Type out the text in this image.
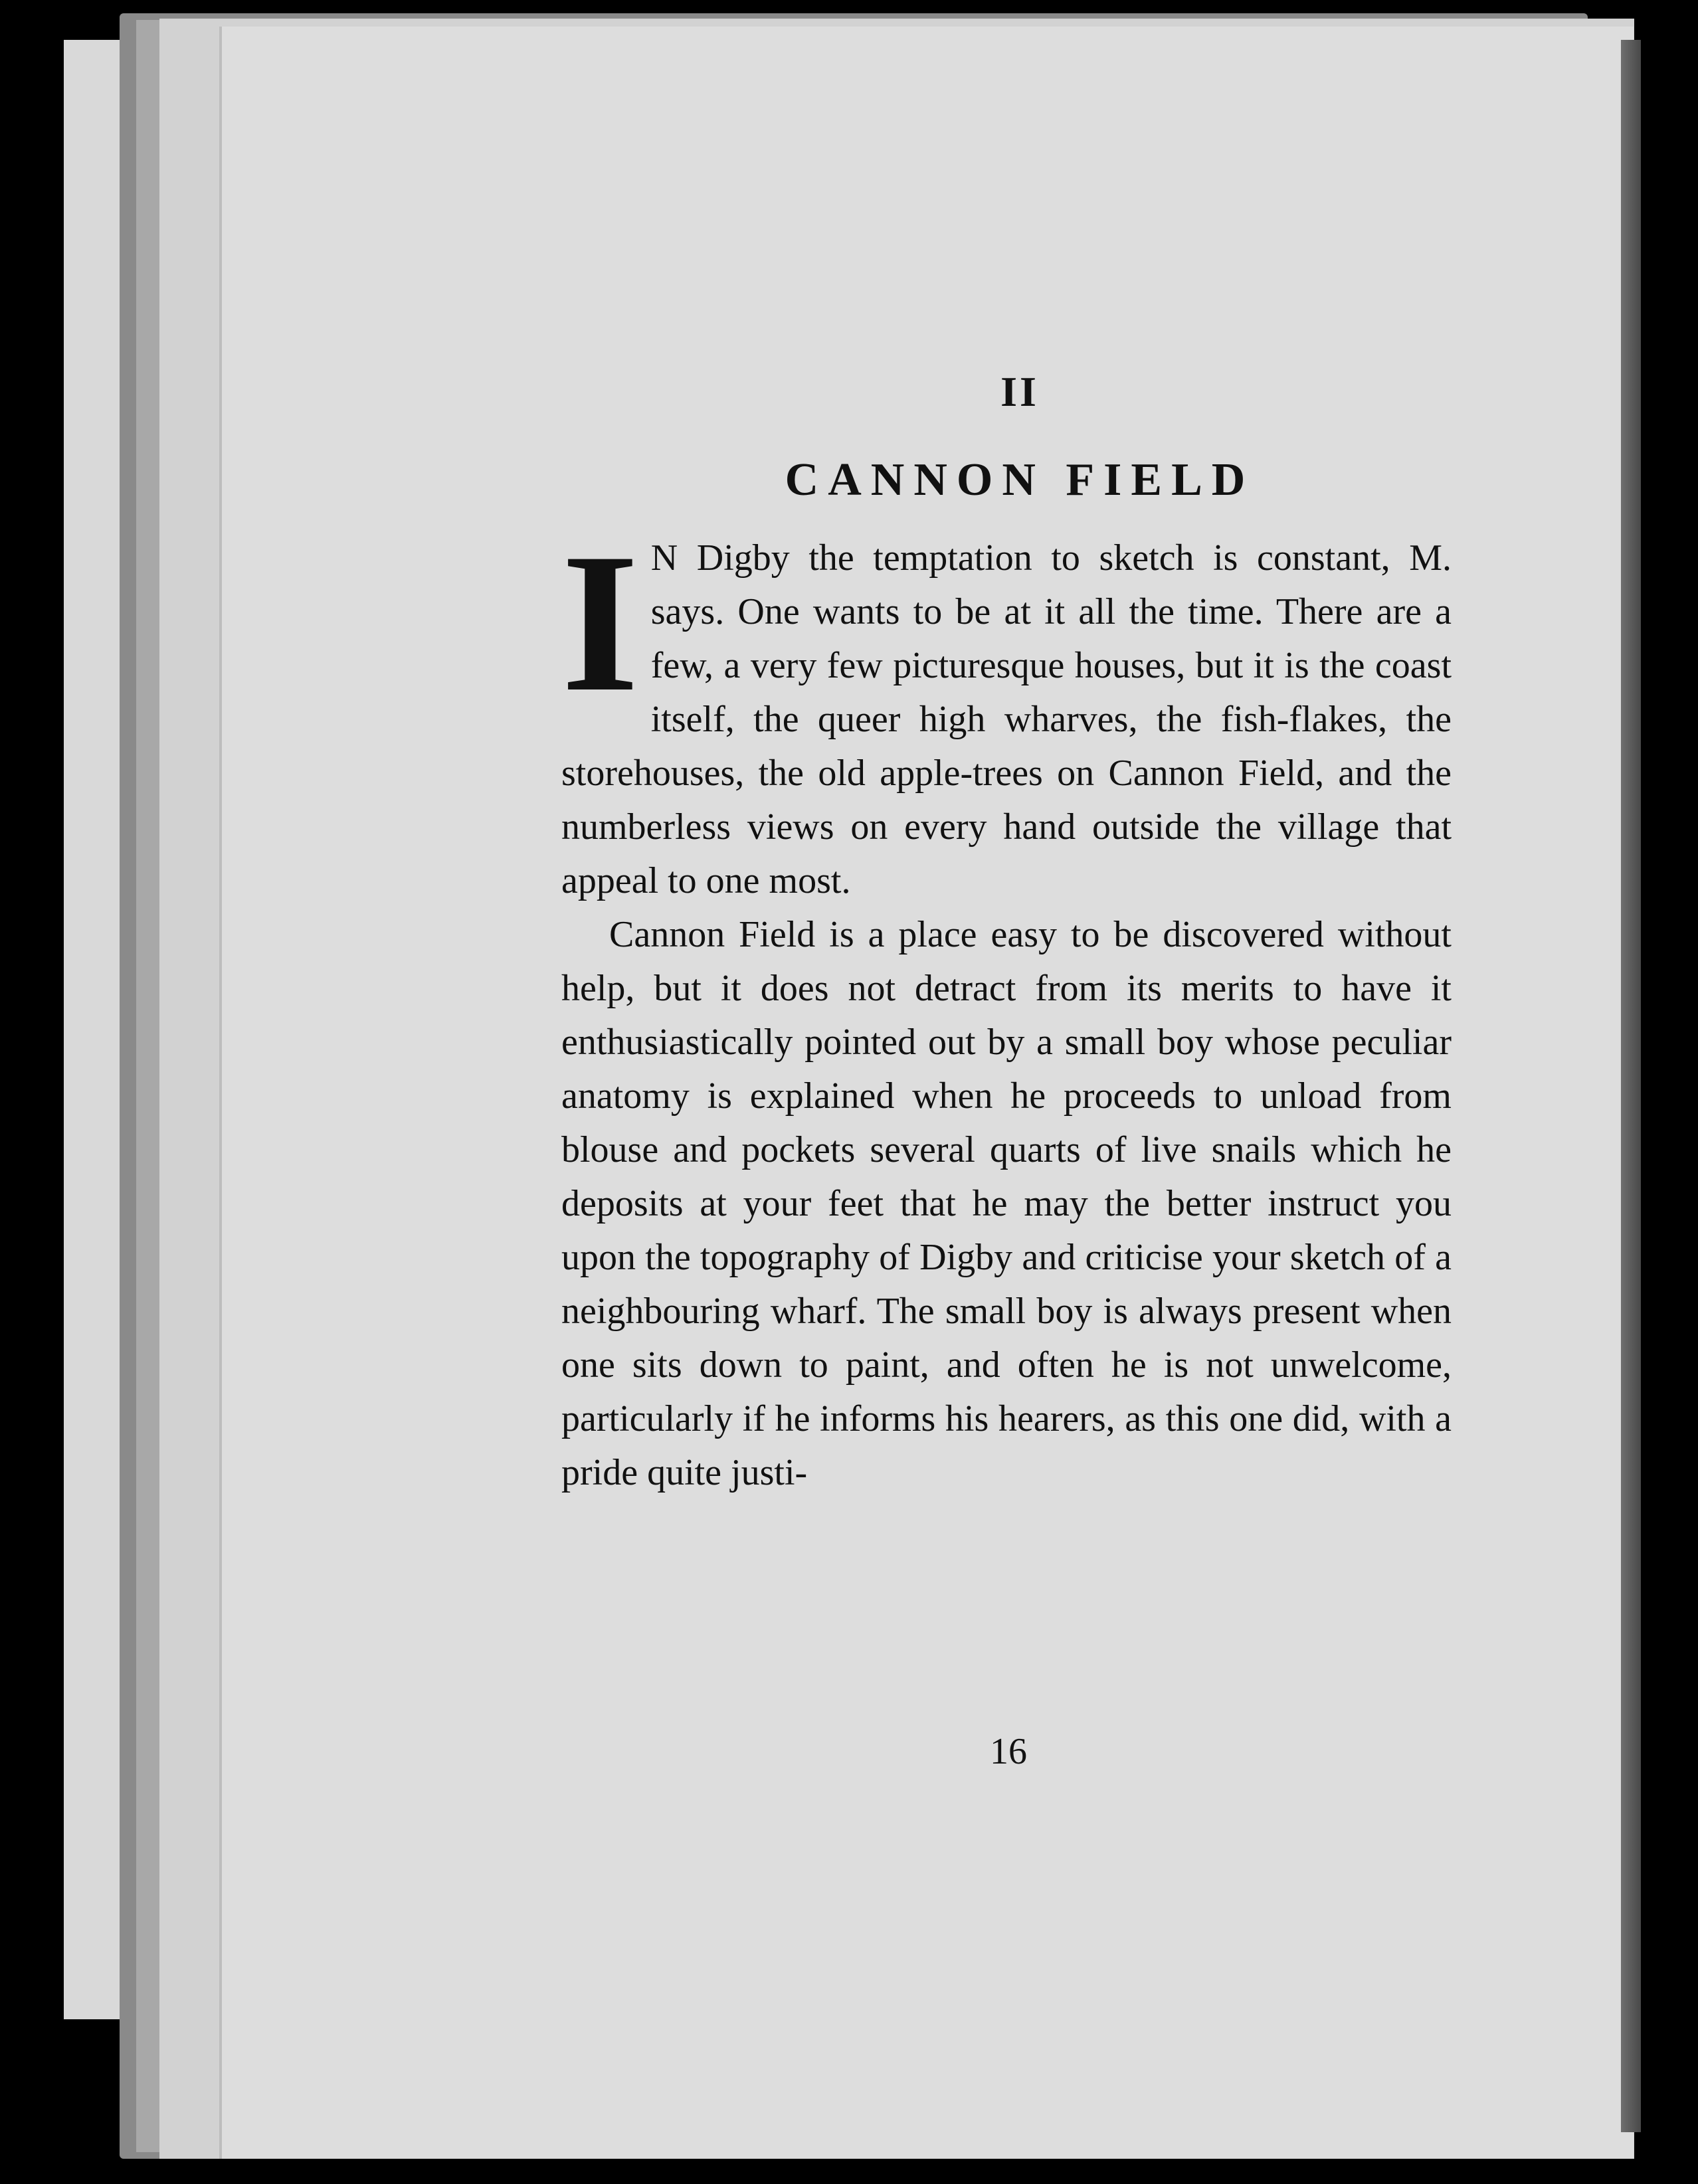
II
CANNON FIELD

I N Digby the temptation to sketch is constant, M. says. One wants to be at it all the time. There are a few, a very few picturesque houses, but it is the coast itself, the queer high wharves, the fish-flakes, the storehouses, the old apple-trees on Cannon Field, and the numberless views on every hand outside the village that appeal to one most.

Cannon Field is a place easy to be discovered without help, but it does not detract from its merits to have it enthusiastically pointed out by a small boy whose peculiar anatomy is explained when he proceeds to unload from blouse and pockets several quarts of live snails which he deposits at your feet that he may the better instruct you upon the topography of Digby and criticise your sketch of a neighbouring wharf. The small boy is always present when one sits down to paint, and often he is not unwelcome, particularly if he informs his hearers, as this one did, with a pride quite justi-

16
